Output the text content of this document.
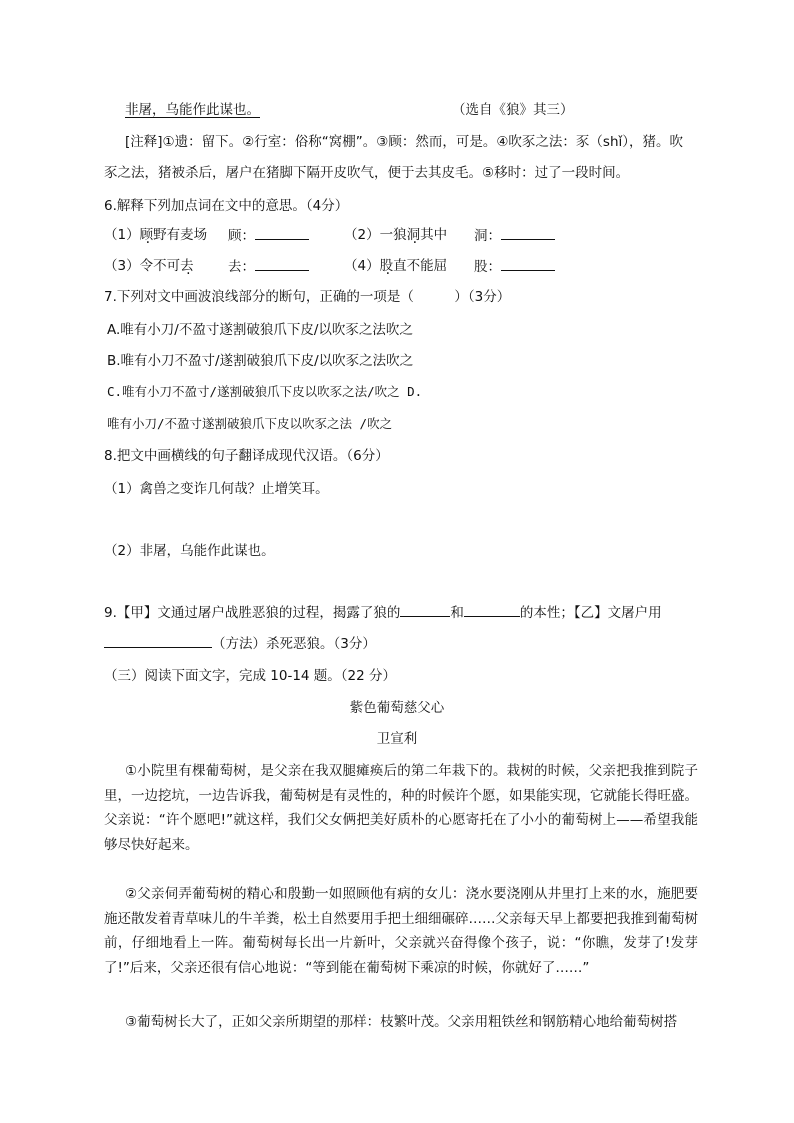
非屠，乌能作此谋也。	（选自《狼》其三）
[注释]①遗：留下。②行室：俗称“窝棚”。③顾：然而，可是。④吹豕之法：豕（shǐ），猪。吹
豕之法，猪被杀后，屠户在猪脚下隔开皮吹气，便于去其皮毛。⑤移时：过了一段时间。
6.解释下列加点词在文中的意思。（4分）
（1）顾野有麦场 顾：	（2）一狼洞其中 洞：
（3）令不可去	去：	（4）股直不能屈 股：
7.下列对文中画波浪线部分的断句，正确的一项是（　　　）（3分）
A.唯有小刀/不盈寸遂割破狼爪下皮/以吹豕之法吹之
B.唯有小刀不盈寸/遂割破狼爪下皮/以吹豕之法吹之
C.唯有小刀不盈寸/遂割破狼爪下皮以吹豕之法/吹之 D.
唯有小刀/不盈寸遂割破狼爪下皮以吹豕之法 /吹之
8.把文中画横线的句子翻译成现代汉语。（6分）
（1）禽兽之变诈几何哉？止增笑耳。
（2）非屠，乌能作此谋也。
9.【甲】文通过屠户战胜恶狼的过程，揭露了狼的	和	的本性；【乙】文屠户用
（方法）杀死恶狼。（3分）
（三）阅读下面文字，完成 10-14 题。（22 分）
紫色葡萄慈父心
卫宣利
①小院里有棵葡萄树，是父亲在我双腿瘫痪后的第二年栽下的。栽树的时候，父亲把我推到院子里，一边挖坑，一边告诉我，葡萄树是有灵性的，种的时候许个愿，如果能实现，它就能长得旺盛。父亲说：“许个愿吧!”就这样，我们父女俩把美好质朴的心愿寄托在了小小的葡萄树上——希望我能够尽快好起来。
②父亲伺弄葡萄树的精心和殷勤一如照顾他有病的女儿：浇水要浇刚从井里打上来的水，施肥要施还散发着青草味儿的牛羊粪，松土自然要用手把土细细碾碎……父亲每天早上都要把我推到葡萄树前，仔细地看上一阵。葡萄树每长出一片新叶，父亲就兴奋得像个孩子，说：“你瞧，发芽了!发芽了!”后来，父亲还很有信心地说：“等到能在葡萄树下乘凉的时候，你就好了……”
③葡萄树长大了，正如父亲所期望的那样：枝繁叶茂。父亲用粗铁丝和钢筋精心地给葡萄树搭
